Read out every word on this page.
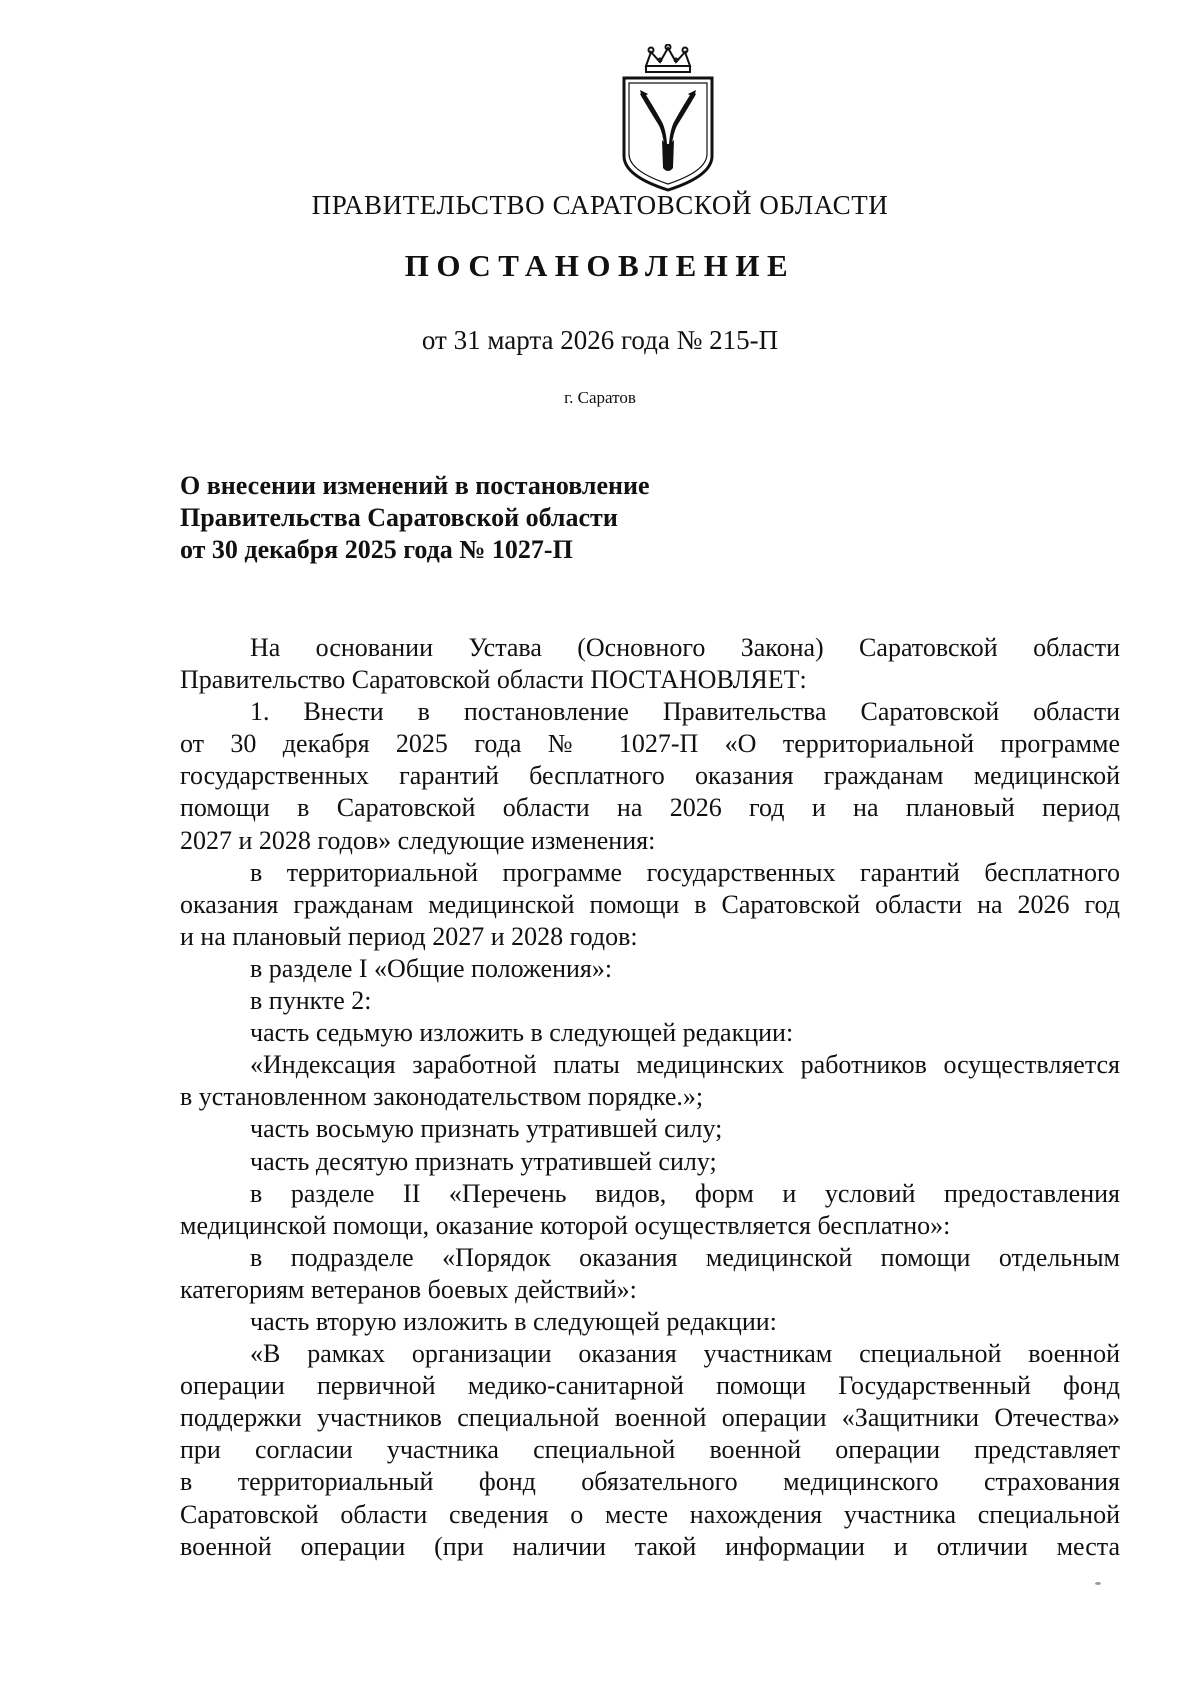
ПРАВИТЕЛЬСТВО САРАТОВСКОЙ ОБЛАСТИ
ПОСТАНОВЛЕНИЕ
от 31 марта 2026 года № 215-П
г. Саратов
О внесении изменений в постановление
Правительства Саратовской области
от 30 декабря 2025 года № 1027-П
На основании Устава (Основного Закона) Саратовской области
Правительство Саратовской области ПОСТАНОВЛЯЕТ:
1. Внести в постановление Правительства Саратовской области
от 30 декабря 2025 года № 1027-П «О территориальной программе
государственных гарантий бесплатного оказания гражданам медицинской
помощи в Саратовской области на 2026 год и на плановый период
2027 и 2028 годов» следующие изменения:
в территориальной программе государственных гарантий бесплатного
оказания гражданам медицинской помощи в Саратовской области на 2026 год
и на плановый период 2027 и 2028 годов:
в разделе I «Общие положения»:
в пункте 2:
часть седьмую изложить в следующей редакции:
«Индексация заработной платы медицинских работников осуществляется
в установленном законодательством порядке.»;
часть восьмую признать утратившей силу;
часть десятую признать утратившей силу;
в разделе II «Перечень видов, форм и условий предоставления
медицинской помощи, оказание которой осуществляется бесплатно»:
в подразделе «Порядок оказания медицинской помощи отдельным
категориям ветеранов боевых действий»:
часть вторую изложить в следующей редакции:
«В рамках организации оказания участникам специальной военной
операции первичной медико-санитарной помощи Государственный фонд
поддержки участников специальной военной операции «Защитники Отечества»
при согласии участника специальной военной операции представляет
в территориальный фонд обязательного медицинского страхования
Саратовской области сведения о месте нахождения участника специальной
военной операции (при наличии такой информации и отличии места
